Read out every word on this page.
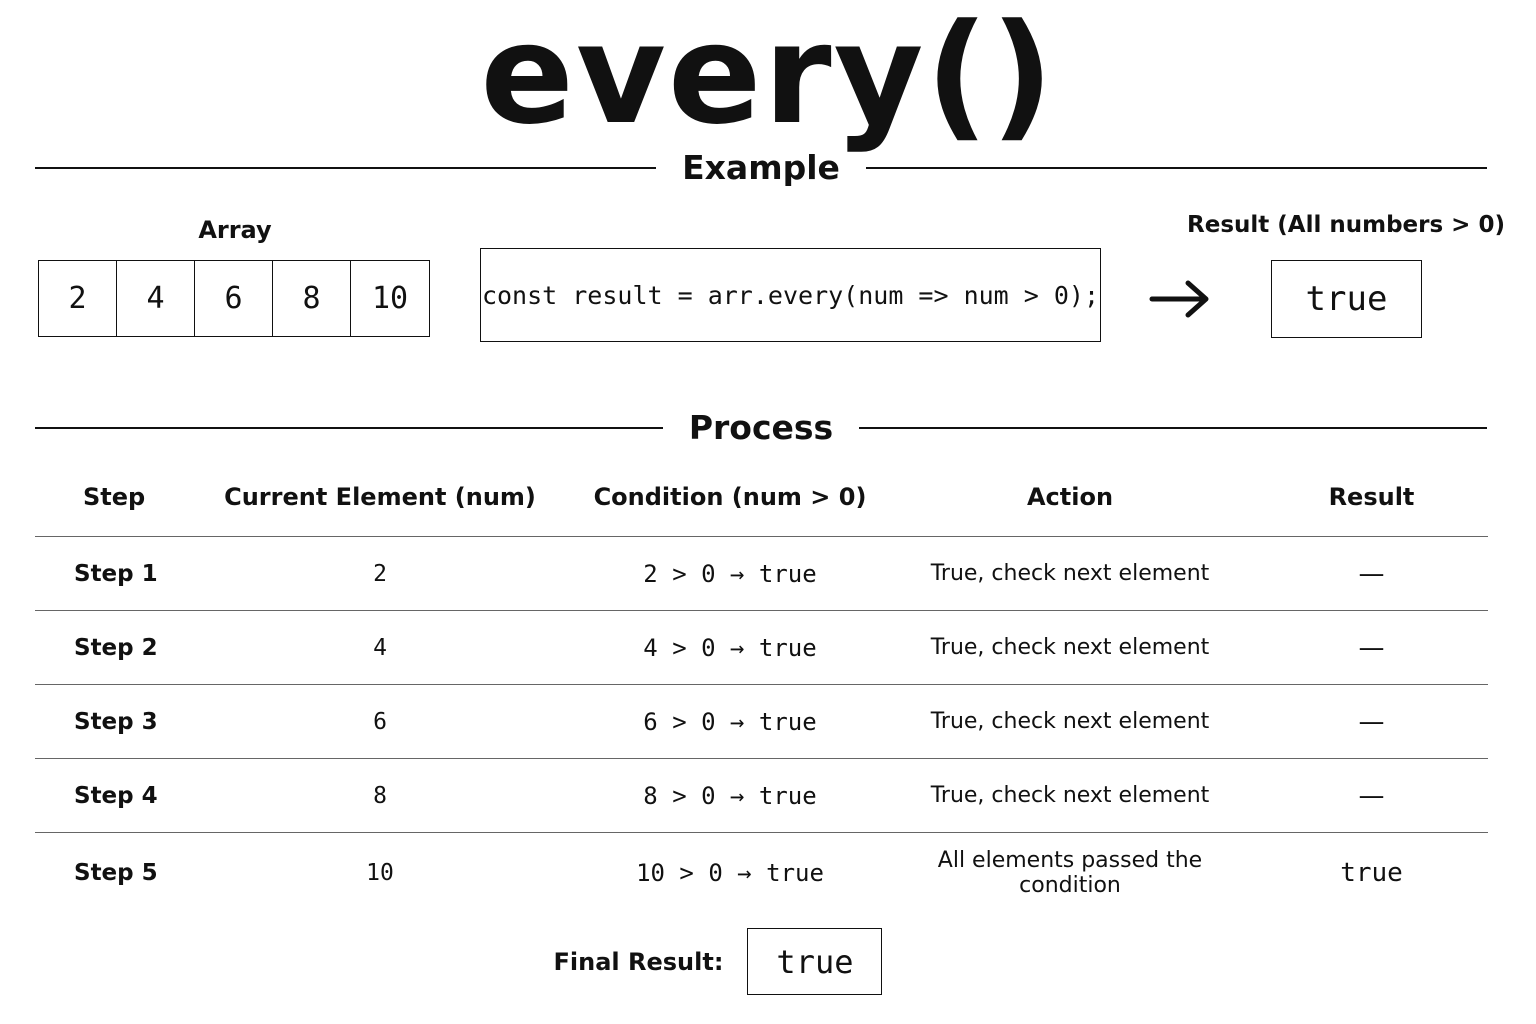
every()
Example
Array
2	4	6	8	10	const result = arr.every(num => num > 0);
Result (All numbers > 0)
true
Process
Step	Current Element (num)	Condition (num > 0)	Action	Result
Step 1	2	2 > 0 → true	True, check next element	—
Step 2	4	4 > 0 → true	True, check next element	—
Step 3	6	6 > 0 → true	True, check next element	—
Step 4	8	8 > 0 → true	True, check next element	—
Step 5	10	10 > 0 → true	All elements passed the condition	true
Final Result:	true
